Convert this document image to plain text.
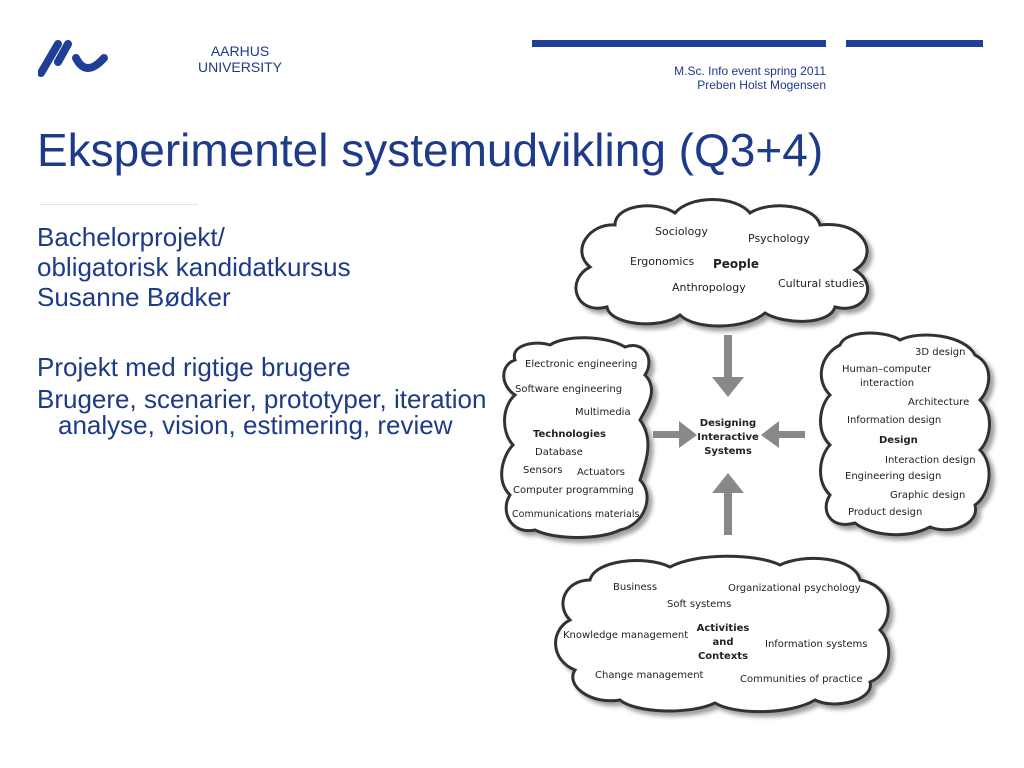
AARHUS
UNIVERSITY	M.Sc. Info event spring 2011
Preben Holst Mogensen
Eksperimentel systemudvikling (Q3+4)

Bachelorprojekt/

obligatorisk kandidatkursus

Susanne Bødker

Projekt med rigtige brugere

Brugere, scenarier, prototyper, iteration analyse, vision, estimering, review

Sociology
Psychology
Ergonomics People
Anthropology	Cultural studies
Electronic engineering
Software engineering
Multimedia
Technologies
Database
Sensors Actuators
Computer programming
Communications materials
3D design
Human–computer
interaction
Architecture
Information design
Design
Interaction design
Engineering design
Graphic design
Product design
Designing
Interactive
Systems
Business	Organizational psychology
Soft systems
Knowledge management
Activities
and
Contexts
Information systems
Change management	Communities of practice
